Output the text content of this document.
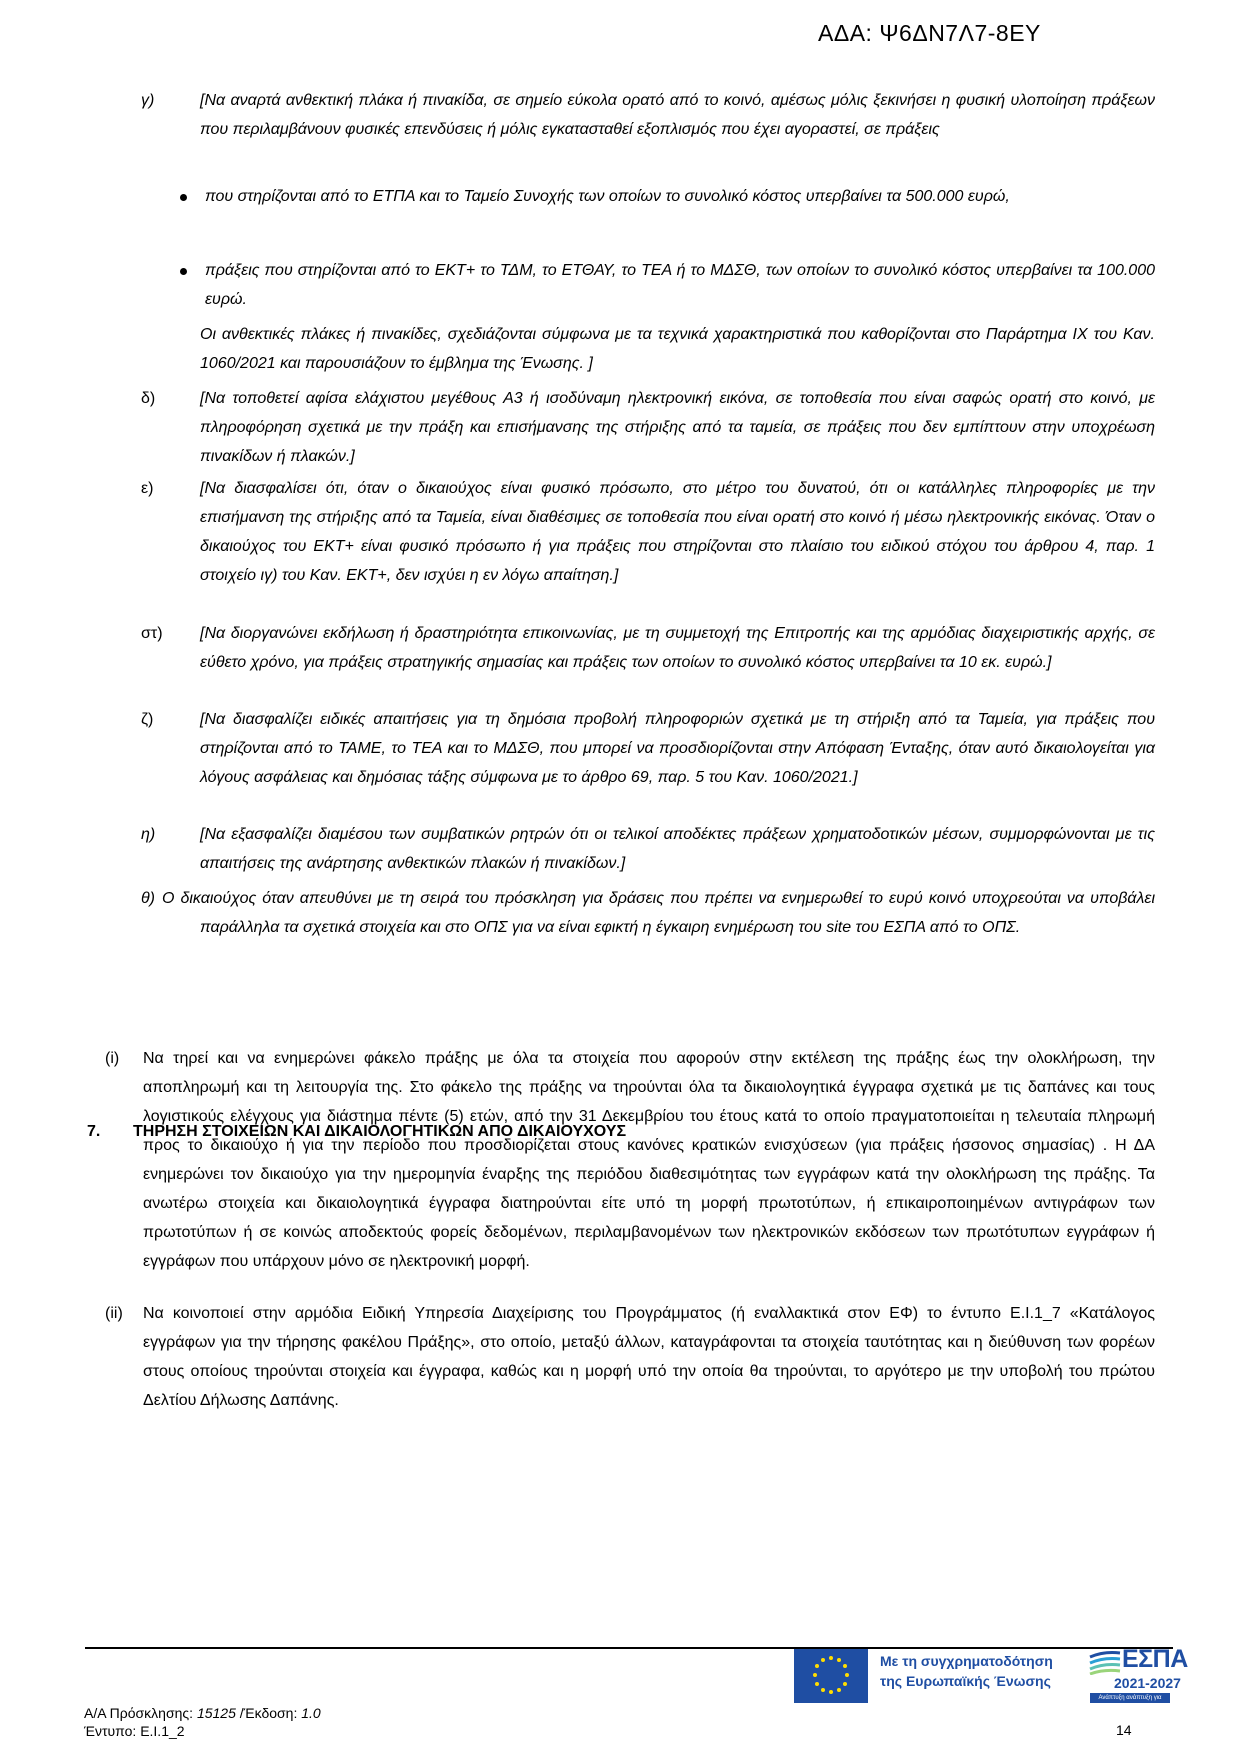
ΑΔΑ: Ψ6ΔΝ7Λ7-8ΕΥ
γ)	[Να αναρτά ανθεκτική πλάκα ή πινακίδα, σε σημείο εύκολα ορατό από το κοινό, αμέσως μόλις ξεκινήσει η φυσική υλοποίηση πράξεων που περιλαμβάνουν φυσικές επενδύσεις ή μόλις εγκατασταθεί εξοπλισμός που έχει αγοραστεί, σε πράξεις
που στηρίζονται από το ΕΤΠΑ και το Ταμείο Συνοχής των οποίων το συνολικό κόστος υπερβαίνει τα 500.000 ευρώ,
πράξεις που στηρίζονται από το ΕΚΤ+ το ΤΔΜ, το ΕΤΘΑΥ, το ΤΕΑ ή το ΜΔΣΘ, των οποίων το συνολικό κόστος υπερβαίνει τα 100.000 ευρώ.
Οι ανθεκτικές πλάκες ή πινακίδες, σχεδιάζονται σύμφωνα με τα τεχνικά χαρακτηριστικά που καθορίζονται στο Παράρτημα ΙΧ του Καν. 1060/2021 και παρουσιάζουν το έμβλημα της Ένωσης. ]
δ)	[Να τοποθετεί αφίσα ελάχιστου μεγέθους Α3 ή ισοδύναμη ηλεκτρονική εικόνα, σε τοποθεσία που είναι σαφώς ορατή στο κοινό, με πληροφόρηση σχετικά με την πράξη και επισήμανσης της στήριξης από τα ταμεία, σε πράξεις που δεν εμπίπτουν στην υποχρέωση πινακίδων ή πλακών.]
ε)	[Να διασφαλίσει ότι, όταν ο δικαιούχος είναι φυσικό πρόσωπο, στο μέτρο του δυνατού, ότι οι κατάλληλες πληροφορίες με την επισήμανση της στήριξης από τα Ταμεία, είναι διαθέσιμες σε τοποθεσία που είναι ορατή στο κοινό ή μέσω ηλεκτρονικής εικόνας. Όταν ο δικαιούχος του ΕΚΤ+ είναι φυσικό πρόσωπο ή για πράξεις που στηρίζονται στο πλαίσιο του ειδικού στόχου του άρθρου 4, παρ. 1 στοιχείο ιγ) του Καν. ΕΚΤ+, δεν ισχύει η εν λόγω απαίτηση.]
στ) [Να διοργανώνει εκδήλωση ή δραστηριότητα επικοινωνίας, με τη συμμετοχή της Επιτροπής και της αρμόδιας διαχειριστικής αρχής, σε εύθετο χρόνο, για πράξεις στρατηγικής σημασίας και πράξεις των οποίων το συνολικό κόστος υπερβαίνει τα 10 εκ. ευρώ.]
ζ)	[Να διασφαλίζει ειδικές απαιτήσεις για τη δημόσια προβολή πληροφοριών σχετικά με τη στήριξη από τα Ταμεία, για πράξεις που στηρίζονται από το ΤΑΜΕ, το ΤΕΑ και το ΜΔΣΘ, που μπορεί να προσδιορίζονται στην Απόφαση Ένταξης, όταν αυτό δικαιολογείται για λόγους ασφάλειας και δημόσιας τάξης σύμφωνα με το άρθρο 69, παρ. 5 του Καν. 1060/2021.]
η)	[Να εξασφαλίζει διαμέσου των συμβατικών ρητρών ότι οι τελικοί αποδέκτες πράξεων χρηματοδοτικών μέσων, συμμορφώνονται με τις απαιτήσεις της ανάρτησης ανθεκτικών πλακών ή πινακίδων.]
θ) Ο δικαιούχος όταν απευθύνει με τη σειρά του πρόσκληση για δράσεις που πρέπει να ενημερωθεί το ευρύ κοινό υποχρεούται να υποβάλει παράλληλα τα σχετικά στοιχεία και στο ΟΠΣ για να είναι εφικτή η έγκαιρη ενημέρωση του site του ΕΣΠΑ από το ΟΠΣ.
7. ΤΗΡΗΣΗ ΣΤΟΙΧΕΙΩΝ ΚΑΙ ΔΙΚΑΙΟΛΟΓΗΤΙΚΩΝ ΑΠΟ ΔΙΚΑΙΟΥΧΟΥΣ
(i) Να τηρεί και να ενημερώνει φάκελο πράξης με όλα τα στοιχεία που αφορούν στην εκτέλεση της πράξης έως την ολοκλήρωση, την αποπληρωμή και τη λειτουργία της. Στο φάκελο της πράξης να τηρούνται όλα τα δικαιολογητικά έγγραφα σχετικά με τις δαπάνες και τους λογιστικούς ελέγχους για διάστημα πέντε (5) ετών, από την 31 Δεκεμβρίου του έτους κατά το οποίο πραγματοποιείται η τελευταία πληρωμή προς το δικαιούχο ή για την περίοδο που προσδιορίζεται στους κανόνες κρατικών ενισχύσεων (για πράξεις ήσσονος σημασίας) . Η ΔΑ ενημερώνει τον δικαιούχο για την ημερομηνία έναρξης της περιόδου διαθεσιμότητας των εγγράφων κατά την ολοκλήρωση της πράξης. Τα ανωτέρω στοιχεία και δικαιολογητικά έγγραφα διατηρούνται είτε υπό τη μορφή πρωτοτύπων, ή επικαιροποιημένων αντιγράφων των πρωτοτύπων ή σε κοινώς αποδεκτούς φορείς δεδομένων, περιλαμβανομένων των ηλεκτρονικών εκδόσεων των πρωτότυπων εγγράφων ή εγγράφων που υπάρχουν μόνο σε ηλεκτρονική μορφή.
(ii) Να κοινοποιεί στην αρμόδια Ειδική Υπηρεσία Διαχείρισης του Προγράμματος (ή εναλλακτικά στον ΕΦ) το έντυπο Ε.Ι.1_7 «Κατάλογος εγγράφων για την τήρησης φακέλου Πράξης», στο οποίο, μεταξύ άλλων, καταγράφονται τα στοιχεία ταυτότητας και η διεύθυνση των φορέων στους οποίους τηρούνται στοιχεία και έγγραφα, καθώς και η μορφή υπό την οποία θα τηρούνται, το αργότερο με την υποβολή του πρώτου Δελτίου Δήλωσης Δαπάνης.
Με τη συγχρηματοδότηση
της Ευρωπαϊκής Ένωσης
ΕΣΠΑ
2021-2027
Ανάπτυξη ανάπτυξη για Όλους
Α/Α Πρόσκλησης: 15125 /Έκδοση: 1.0
Έντυπο: Ε.Ι.1_2	14
